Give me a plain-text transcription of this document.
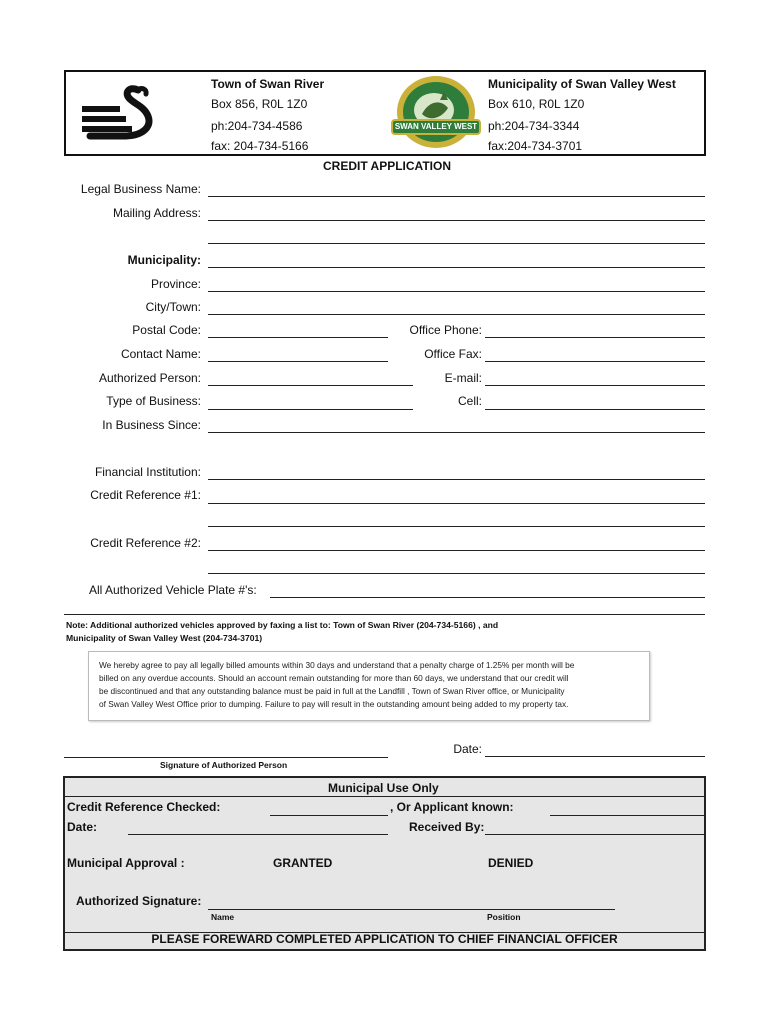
Town of Swan River
Box 856, R0L 1Z0
ph:204-734-4586
fax: 204-734-5166
SWAN VALLEY WEST
Municipality of Swan Valley West
Box 610, R0L 1Z0
ph:204-734-3344
fax:204-734-3701
CREDIT APPLICATION
Legal Business Name:
Mailing Address:
Municipality:
Province:
City/Town:
Postal Code:	Office Phone:
Contact Name:	Office Fax:
Authorized Person:	E-mail:
Type of Business:	Cell:
In Business Since:
Financial Institution:
Credit Reference #1:
Credit Reference #2:
All Authorized Vehicle Plate #'s:
Note: Additional authorized vehicles approved by faxing a list to: Town of Swan River (204-734-5166) , and
Municipality of Swan Valley West (204-734-3701)

We hereby agree to pay all legally billed amounts within 30 days and understand that a penalty charge of 1.25% per month will be
billed on any overdue accounts. Should an account remain outstanding for more than 60 days, we understand that our credit will
be discontinued and that any outstanding balance must be paid in full at the Landfill , Town of Swan River office, or Municipality
of Swan Valley West Office prior to dumping. Failure to pay will result in the outstanding amount being added to my property tax.

Signature of Authorized Person
Date:
Municipal Use Only
Credit Reference Checked:	, Or Applicant known:
Date:	Received By:
Municipal Approval :	GRANTED	DENIED
Authorized Signature:
Name	Position
PLEASE FOREWARD COMPLETED APPLICATION TO CHIEF FINANCIAL OFFICER
